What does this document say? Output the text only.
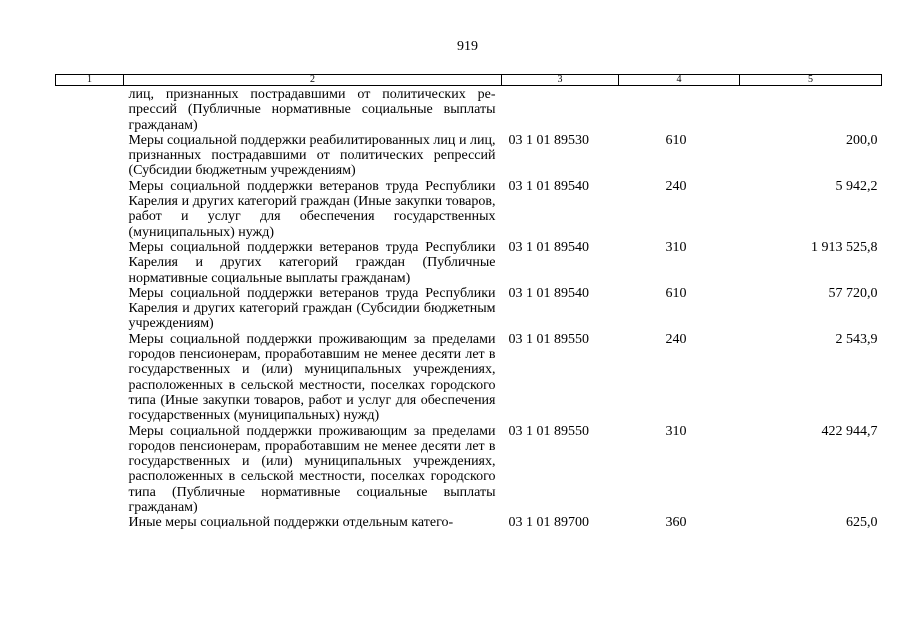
919
1	2	3	4	5
	лиц, признанных пострадавшими от политических репрессий (Публичные нормативные социальные выплаты гражданам)			
	Меры социальной поддержки реабилитированных лиц и лиц, признанных пострадавшими от политических репрессий (Субсидии бюджетным учреждениям)	03 1 01 89530	610	200,0
	Меры социальной поддержки ветеранов труда Республики Карелия и других категорий граждан (Иные закупки товаров, работ и услуг для обеспечения государственных (муниципальных) нужд)	03 1 01 89540	240	5 942,2
	Меры социальной поддержки ветеранов труда Республики Карелия и других категорий граждан (Публичные нормативные социальные выплаты гражданам)	03 1 01 89540	310	1 913 525,8
	Меры социальной поддержки ветеранов труда Республики Карелия и других категорий граждан (Субсидии бюджетным учреждениям)	03 1 01 89540	610	57 720,0
	Меры социальной поддержки проживающим за пределами городов пенсионерам, проработавшим не менее десяти лет в государственных и (или) муниципальных учреждениях, расположенных в сельской местности, поселках городского типа (Иные закупки товаров, работ и услуг для обеспечения государственных (муниципальных) нужд)	03 1 01 89550	240	2 543,9
	Меры социальной поддержки проживающим за пределами городов пенсионерам, проработавшим не менее десяти лет в государственных и (или) муниципальных учреждениях, расположенных в сельской местности, поселках городского типа (Публичные нормативные социальные выплаты гражданам)	03 1 01 89550	310	422 944,7
	Иные меры социальной поддержки отдельным катего-	03 1 01 89700	360	625,0
